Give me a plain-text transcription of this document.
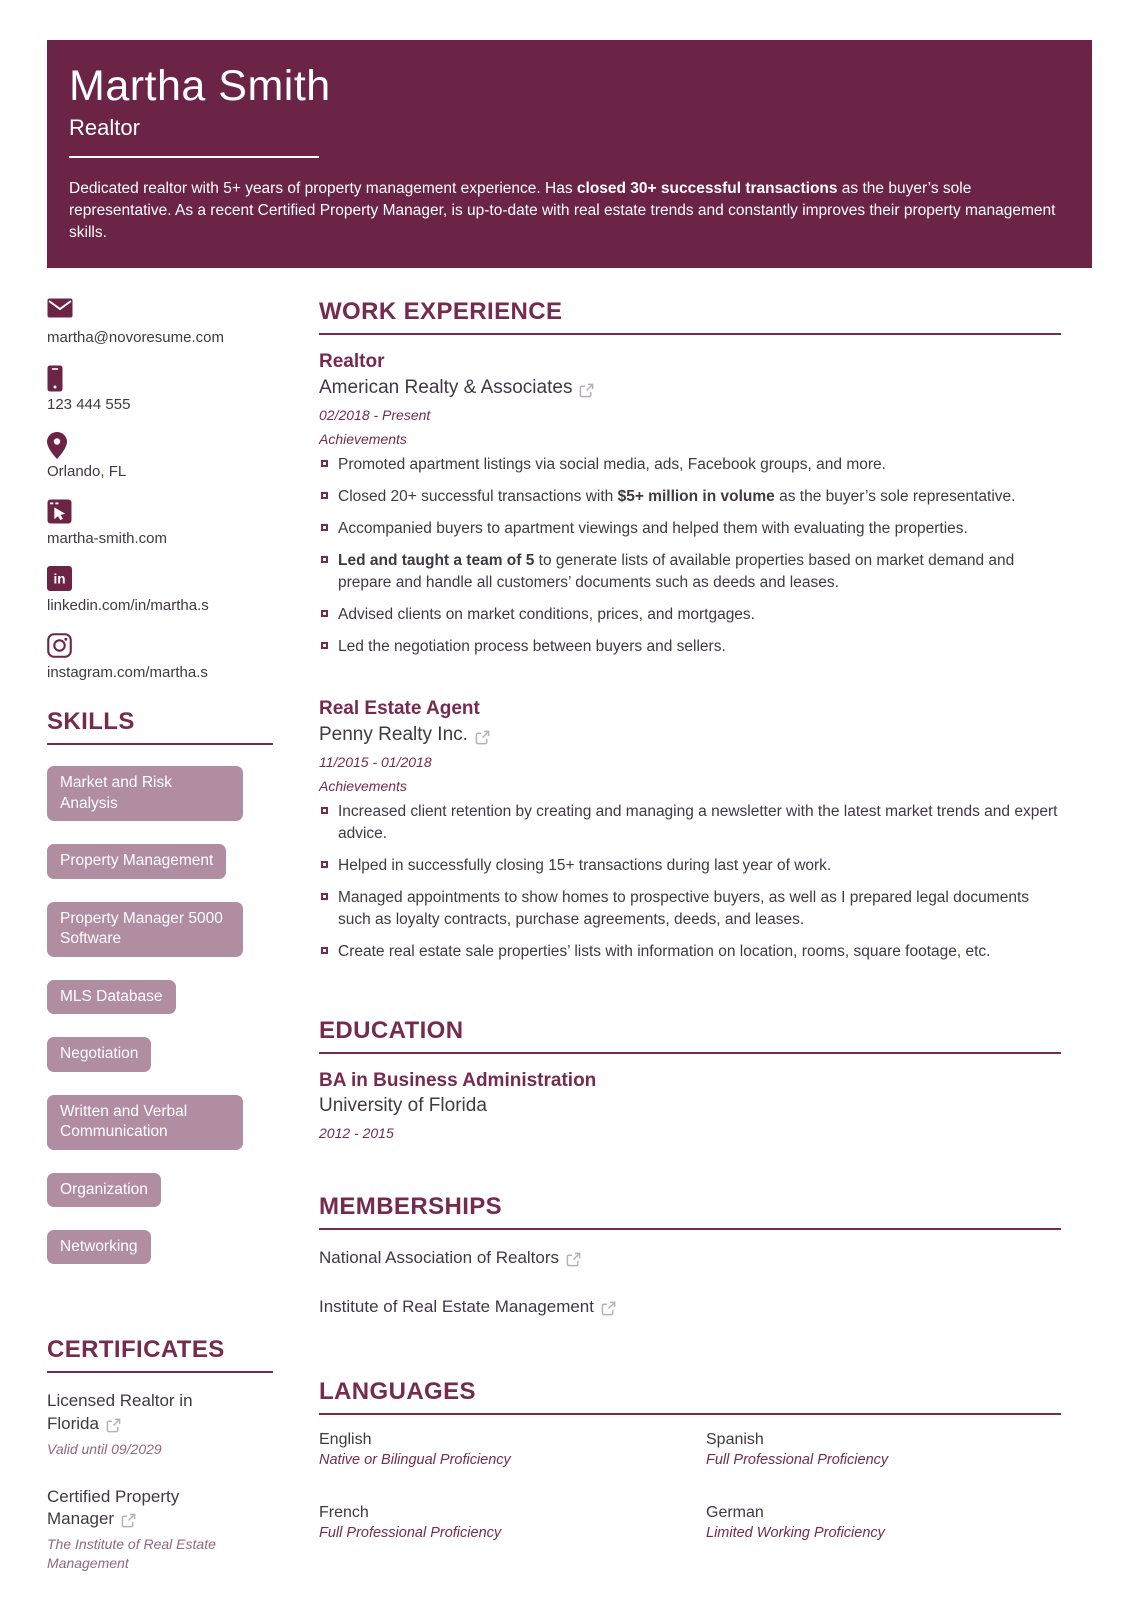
Martha Smith
Realtor
Dedicated realtor with 5+ years of property management experience. Has closed 30+ successful transactions as the buyer’s sole representative. As a recent Certified Property Manager, is up-to-date with real estate trends and constantly improves their property management skills.
martha@novoresume.com
123 444 555
Orlando, FL
martha-smith.com
in
linkedin.com/in/martha.s
instagram.com/martha.s
SKILLS
Market and Risk Analysis
Property Management
Property Manager 5000 Software
MLS Database
Negotiation
Written and Verbal Communication
Organization
Networking
CERTIFICATES
Licensed Realtor in Florida
Valid until 09/2029
Certified Property Manager
The Institute of Real Estate Management
WORK EXPERIENCE
Realtor
American Realty & Associates
02/2018 - Present
Achievements
Promoted apartment listings via social media, ads, Facebook groups, and more.
Closed 20+ successful transactions with $5+ million in volume as the buyer’s sole representative.
Accompanied buyers to apartment viewings and helped them with evaluating the properties.
Led and taught a team of 5 to generate lists of available properties based on market demand and prepare and handle all customers’ documents such as deeds and leases.
Advised clients on market conditions, prices, and mortgages.
Led the negotiation process between buyers and sellers.
Real Estate Agent
Penny Realty Inc.
11/2015 - 01/2018
Achievements
Increased client retention by creating and managing a newsletter with the latest market trends and expert advice.
Helped in successfully closing 15+ transactions during last year of work.
Managed appointments to show homes to prospective buyers, as well as I prepared legal documents such as loyalty contracts, purchase agreements, deeds, and leases.
Create real estate sale properties’ lists with information on location, rooms, square footage, etc.
EDUCATION
BA in Business Administration
University of Florida
2012 - 2015
MEMBERSHIPS
National Association of Realtors
Institute of Real Estate Management
LANGUAGES
English
Native or Bilingual Proficiency
Spanish
Full Professional Proficiency
French
Full Professional Proficiency
German
Limited Working Proficiency
